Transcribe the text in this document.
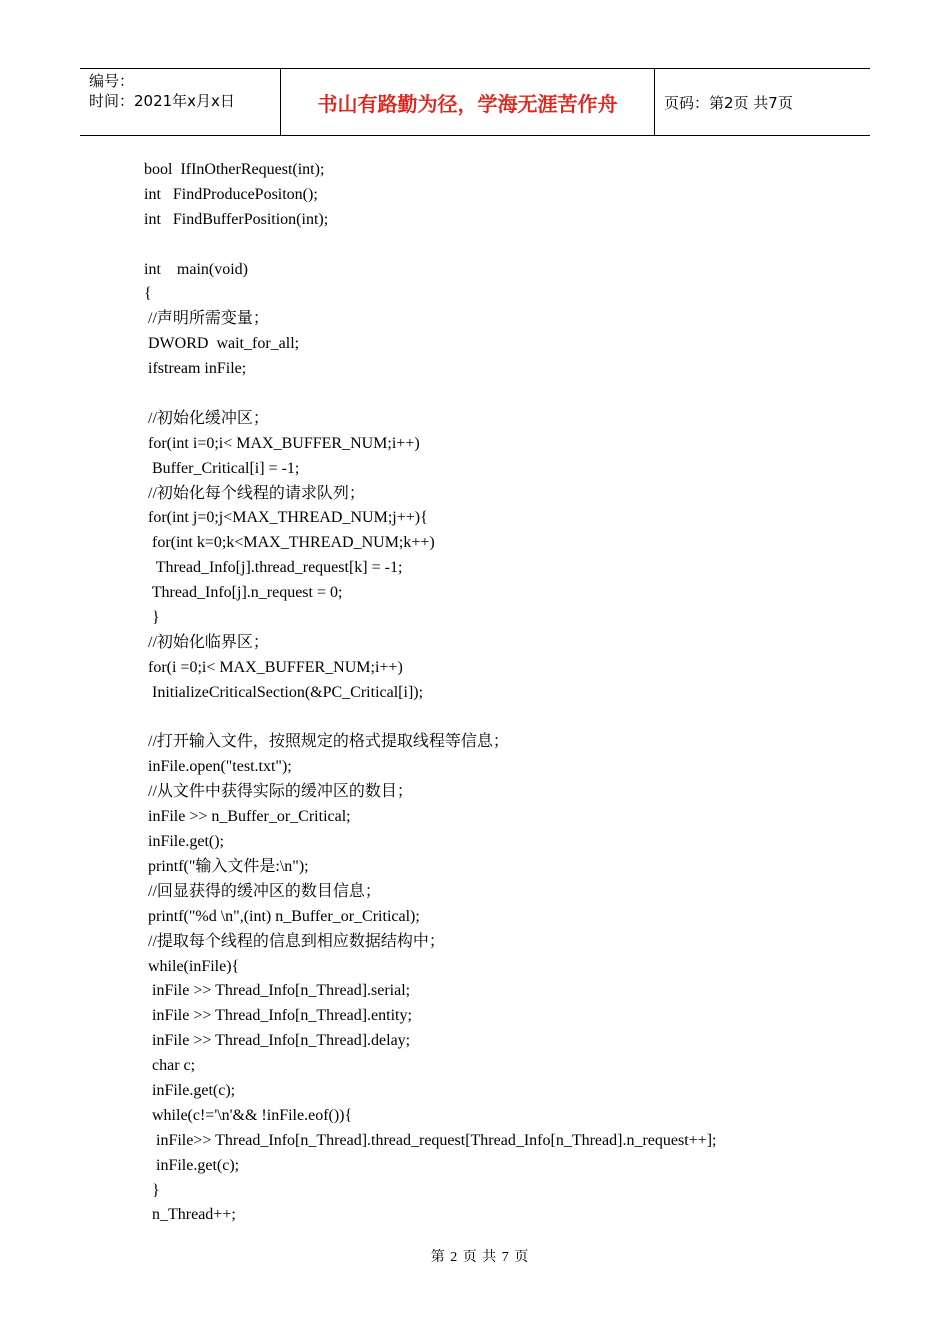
编号：
时间：2021年x月x日	书山有路勤为径，学海无涯苦作舟	页码：第2页 共7页
bool  IfInOtherRequest(int);
int   FindProducePositon();
int   FindBufferPosition(int);
int    main(void)
{
//声明所需变量；
DWORD  wait_for_all;
ifstream inFile;
//初始化缓冲区；
for(int i=0;i< MAX_BUFFER_NUM;i++)
Buffer_Critical[i] = -1;
//初始化每个线程的请求队列；
for(int j=0;j<MAX_THREAD_NUM;j++){
for(int k=0;k<MAX_THREAD_NUM;k++)
Thread_Info[j].thread_request[k] = -1;
Thread_Info[j].n_request = 0;
}
//初始化临界区；
for(i =0;i< MAX_BUFFER_NUM;i++)
InitializeCriticalSection(&PC_Critical[i]);
//打开输入文件，按照规定的格式提取线程等信息；
inFile.open("test.txt");
//从文件中获得实际的缓冲区的数目；
inFile >> n_Buffer_or_Critical;
inFile.get();
printf("输入文件是:\n");
//回显获得的缓冲区的数目信息；
printf("%d \n",(int) n_Buffer_or_Critical);
//提取每个线程的信息到相应数据结构中；
while(inFile){
inFile >> Thread_Info[n_Thread].serial;
inFile >> Thread_Info[n_Thread].entity;
inFile >> Thread_Info[n_Thread].delay;
char c;
inFile.get(c);
while(c!='\n'&& !inFile.eof()){
inFile>> Thread_Info[n_Thread].thread_request[Thread_Info[n_Thread].n_request++];
inFile.get(c);
}
n_Thread++;
第 2 页 共 7 页
